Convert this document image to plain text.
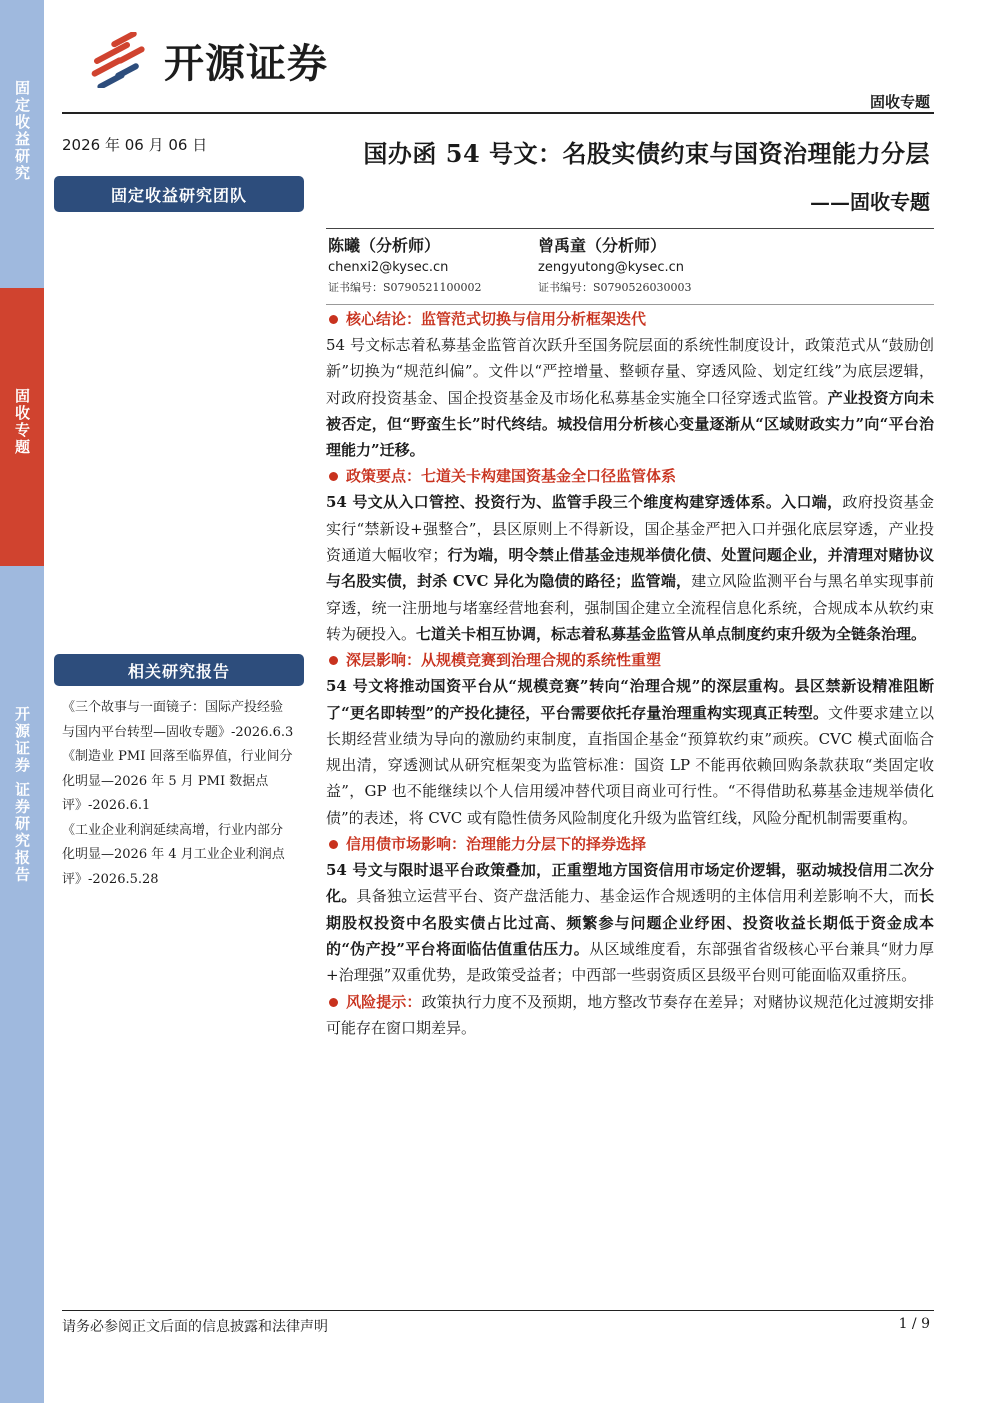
固定收益研究
固收专题
开源证券 证券研究报告
开源证券
固收专题
2026 年 06 月 06 日
固定收益研究团队
国办函 54 号文：名股实债约束与国资治理能力分层
——固收专题
陈曦（分析师）
chenxi2@kysec.cn
证书编号：S0790521100002
曾禹童（分析师）
zengyutong@kysec.cn
证书编号：S0790526030003
核心结论：监管范式切换与信用分析框架迭代
54 号文标志着私募基金监管首次跃升至国务院层面的系统性制度设计，政策范式从“鼓励创新”切换为“规范纠偏”。文件以“严控增量、整顿存量、穿透风险、划定红线”为底层逻辑，对政府投资基金、国企投资基金及市场化私募基金实施全口径穿透式监管。产业投资方向未被否定，但“野蛮生长”时代终结。城投信用分析核心变量逐渐从“区域财政实力”向“平台治理能力”迁移。
政策要点：七道关卡构建国资基金全口径监管体系
54 号文从入口管控、投资行为、监管手段三个维度构建穿透体系。入口端，政府投资基金实行“禁新设+强整合”，县区原则上不得新设，国企基金严把入口并强化底层穿透，产业投资通道大幅收窄；行为端，明令禁止借基金违规举债化债、处置问题企业，并清理对赌协议与名股实债，封杀 CVC 异化为隐债的路径；监管端，建立风险监测平台与黑名单实现事前穿透，统一注册地与堵塞经营地套利，强制国企建立全流程信息化系统，合规成本从软约束转为硬投入。七道关卡相互协调，标志着私募基金监管从单点制度约束升级为全链条治理。
深层影响：从规模竞赛到治理合规的系统性重塑
54 号文将推动国资平台从“规模竞赛”转向“治理合规”的深层重构。县区禁新设精准阻断了“更名即转型”的产投化捷径，平台需要依托存量治理重构实现真正转型。文件要求建立以长期经营业绩为导向的激励约束制度，直指国企基金“预算软约束”顽疾。CVC 模式面临合规出清，穿透测试从研究框架变为监管标准：国资 LP 不能再依赖回购条款获取“类固定收益”，GP 也不能继续以个人信用缓冲替代项目商业可行性。“不得借助私募基金违规举债化债”的表述，将 CVC 或有隐性债务风险制度化升级为监管红线，风险分配机制需要重构。
信用债市场影响：治理能力分层下的择券选择
54 号文与限时退平台政策叠加，正重塑地方国资信用市场定价逻辑，驱动城投信用二次分化。具备独立运营平台、资产盘活能力、基金运作合规透明的主体信用利差影响不大，而长期股权投资中名股实债占比过高、频繁参与问题企业纾困、投资收益长期低于资金成本的“伪产投”平台将面临估值重估压力。从区域维度看，东部强省省级核心平台兼具“财力厚+治理强”双重优势，是政策受益者；中西部一些弱资质区县级平台则可能面临双重挤压。
风险提示：政策执行力度不及预期，地方整改节奏存在差异；对赌协议规范化过渡期安排可能存在窗口期差异。
相关研究报告
《三个故事与一面镜子：国际产投经验与国内平台转型—固收专题》-2026.6.3
《制造业 PMI 回落至临界值，行业间分化明显—2026 年 5 月 PMI 数据点评》-2026.6.1
《工业企业利润延续高增，行业内部分化明显—2026 年 4 月工业企业利润点评》-2026.5.28
请务必参阅正文后面的信息披露和法律声明	1 / 9
